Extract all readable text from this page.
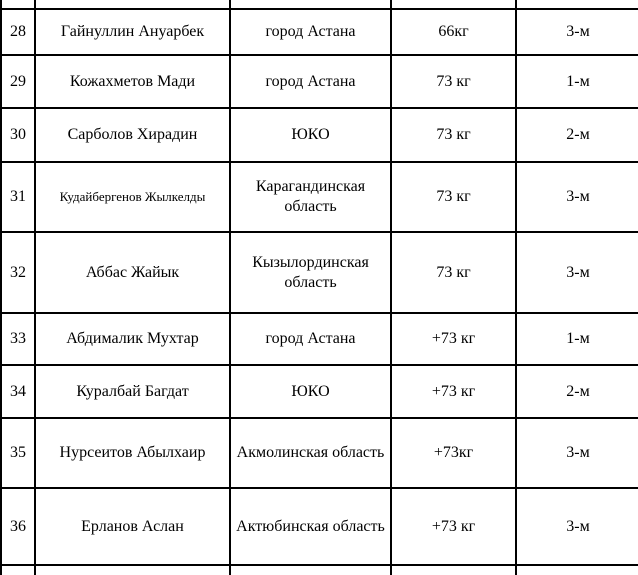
28	Гайнуллин Ануарбек	город Астана	66кг	3-м
29	Кожахметов Мади	город Астана	73 кг	1-м
30	Сарболов Хирадин	ЮКО	73 кг	2-м
31	Кудайбергенов Жылкелды	Карагандинская область	73 кг	3-м
32	Аббас Жайык	Кызылординская область	73 кг	3-м
33	Абдималик Мухтар	город Астана	+73 кг	1-м
34	Куралбай Багдат	ЮКО	+73 кг	2-м
35	Нурсеитов Абылхаир	Акмолинская область	+73кг	3-м
36	Ерланов Аслан	Актюбинская область	+73 кг	3-м
